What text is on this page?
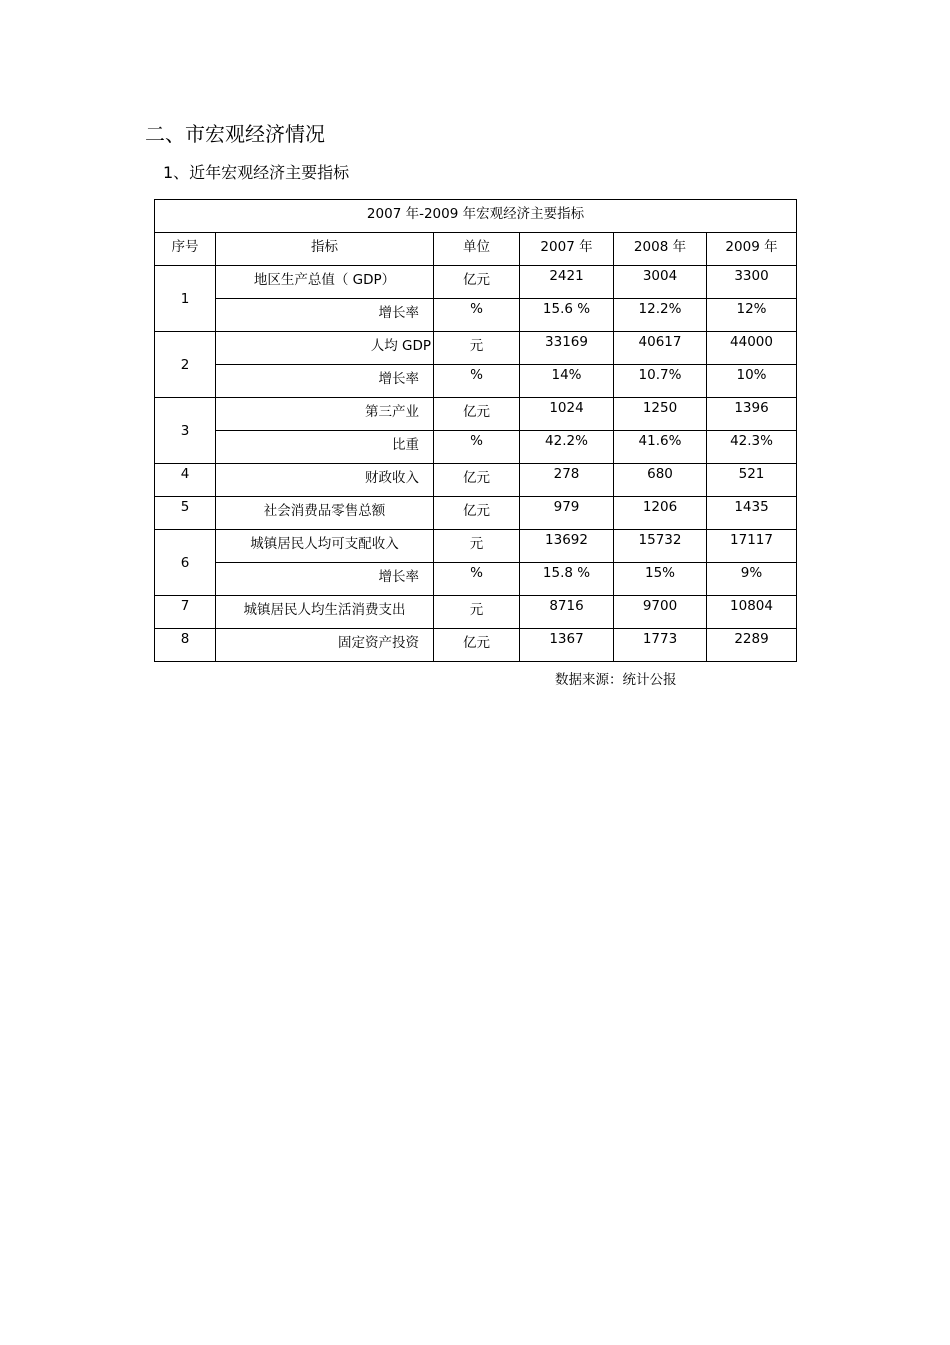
二、市宏观经济情况
1、近年宏观经济主要指标
2007 年-2009 年宏观经济主要指标					

序号	指标	单位	2007 年	2008 年	2009 年

1	地区生产总值（ GDP）	亿元	2421	3004	3300

	增长率	%	15.6 %	12.2%	12%

2	人均 GDP	元	33169	40617	44000

	增长率	%	14%	10.7%	10%

3	第三产业	亿元	1024	1250	1396

	比重	%	42.2%	41.6%	42.3%

4	财政收入	亿元	278	680	521

5	社会消费品零售总额	亿元	979	1206	1435

6	城镇居民人均可支配收入	元	13692	15732	17117

	增长率	%	15.8 %	15%	9%

7	城镇居民人均生活消费支出	元	8716	9700	10804

8	固定资产投资	亿元	1367	1773	2289
数据来源：统计公报
